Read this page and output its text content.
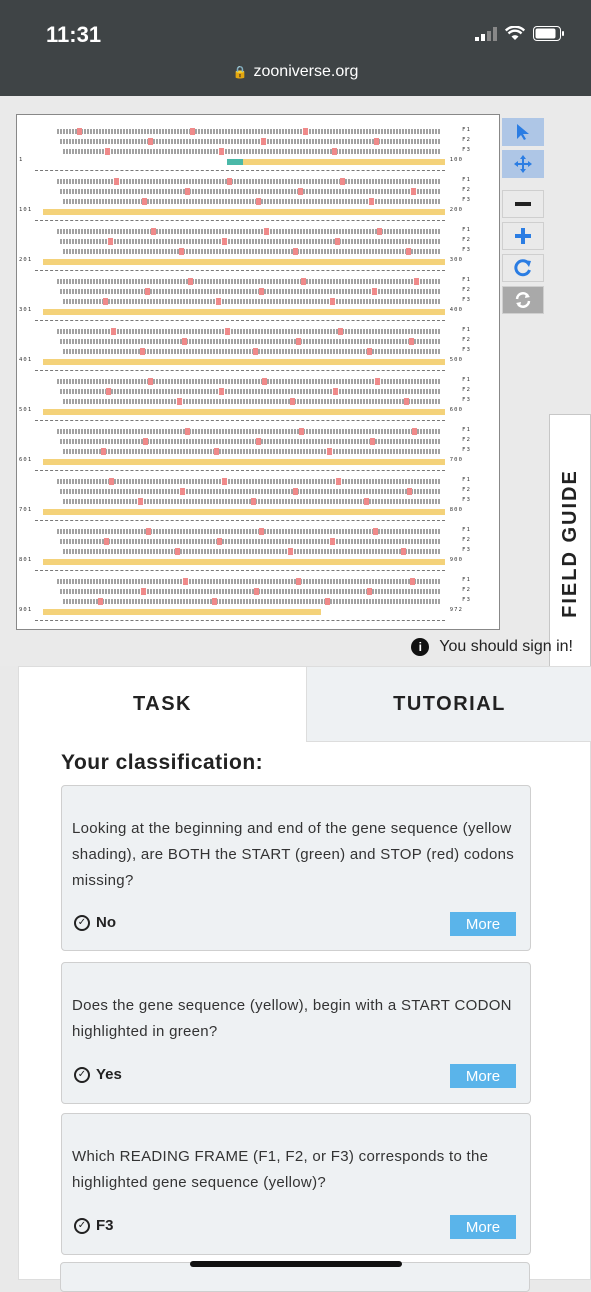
11:31
🔒 zooniverse.org
F1
F2
F3
1	100
F1
F2
F3
101	200
F1
F2
F3
201	300
F1
F2
F3
301	400
F1
F2
F3
401	500
F1
F2
F3
501	600
F1
F2
F3
601	700
F1
F2
F3
701	800
F1
F2
F3
801	900
F1
F2
F3
901	972	FIELD GUIDE
i	You should sign in!
TASK	TUTORIAL
Your classification:
Looking at the beginning and end of the gene sequence (yellow shading), are BOTH the START (green) and STOP (red) codons missing?
✓ No	More
Does the gene sequence (yellow), begin with a START CODON highlighted in green?
✓ Yes	More
Which READING FRAME (F1, F2, or F3) corresponds to the highlighted gene sequence (yellow)?
✓ F3	More
